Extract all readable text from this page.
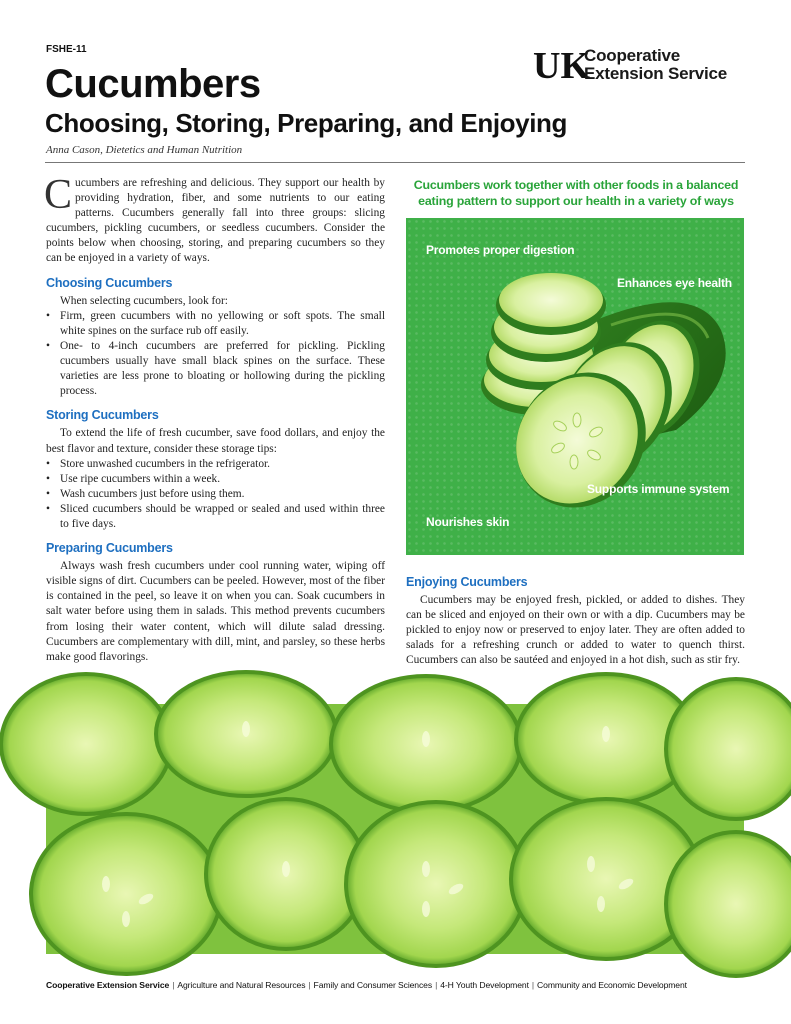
FSHE-11	UK
Cooperative
Extension Service
Cucumbers
Choosing, Storing, Preparing, and Enjoying
Anna Cason, Dietetics and Human Nutrition

Cucumbers are refreshing and delicious. They support our health by providing hydration, fiber, and some nutrients to our eating patterns. Cucumbers generally fall into three groups: slicing cucumbers, pickling cucumbers, or seedless cucumbers. Consider the points below when choosing, storing, and preparing cucumbers so they can be enjoyed in a variety of ways.

Choosing Cucumbers

When selecting cucumbers, look for:

• Firm, green cucumbers with no yellowing or soft spots. The small white spines on the surface rub off easily.
• One- to 4-inch cucumbers are preferred for pickling. Pickling cucumbers usually have small black spines on the surface. These varieties are less prone to bloating or hollowing during the pickling process.
Storing Cucumbers

To extend the life of fresh cucumber, save food dollars, and enjoy the best flavor and texture, consider these storage tips:

• Store unwashed cucumbers in the refrigerator.
• Use ripe cucumbers within a week.
• Wash cucumbers just before using them.
• Sliced cucumbers should be wrapped or sealed and used within three to five days.
Preparing Cucumbers

Always wash fresh cucumbers under cool running water, wiping off visible signs of dirt. Cucumbers can be peeled. However, most of the fiber is contained in the peel, so leave it on when you can. Soak cucumbers in salt water before using them in salads. This method prevents cucumbers from losing their water content, which will dilute salad dressing. Cucumbers are complementary with dill, mint, and parsley, so these herbs make good flavorings.

Cucumbers work together with other foods in a balanced eating pattern to support our health in a variety of ways
Promotes proper digestion
Enhances eye health
Supports immune system
Nourishes skin
Enjoying Cucumbers

Cucumbers may be enjoyed fresh, pickled, or added to dishes. They can be sliced and enjoyed on their own or with a dip. Cucumbers may be pickled to enjoy now or preserved to enjoy later. They are often added to salads for a refreshing crunch or added to water to quench thirst. Cucumbers can also be sautéed and enjoyed in a hot dish, such as stir fry.

Cooperative Extension Service | Agriculture and Natural Resources | Family and Consumer Sciences | 4-H Youth Development | Community and Economic Development
